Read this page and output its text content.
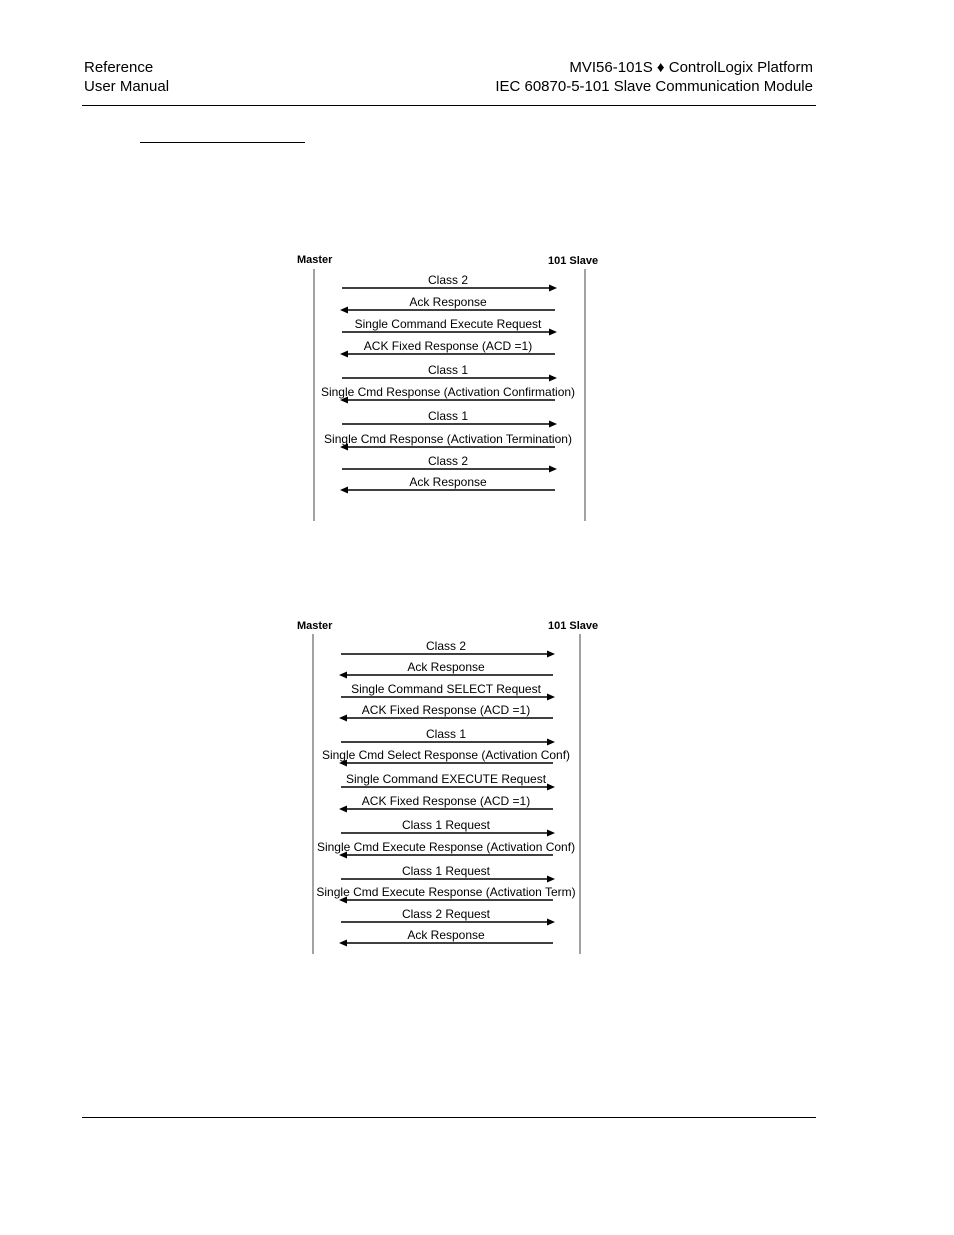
Reference
User Manual
MVI56-101S ♦ ControlLogix Platform
IEC 60870-5-101 Slave Communication Module
Master	101 Slave
Class 2
Ack Response
Single Command Execute Request
ACK Fixed Response (ACD =1)
Class 1
Single Cmd Response (Activation Confirmation)
Class 1
Single Cmd Response (Activation Termination)
Class 2
Ack Response
Master	101 Slave
Class 2
Ack Response
Single Command SELECT Request
ACK Fixed Response (ACD =1)
Class 1
Single Cmd Select Response (Activation Conf)
Single Command EXECUTE Request
ACK Fixed Response (ACD =1)
Class 1 Request
Single Cmd Execute Response (Activation Conf)
Class 1 Request
Single Cmd Execute Response (Activation Term)
Class 2 Request
Ack Response
